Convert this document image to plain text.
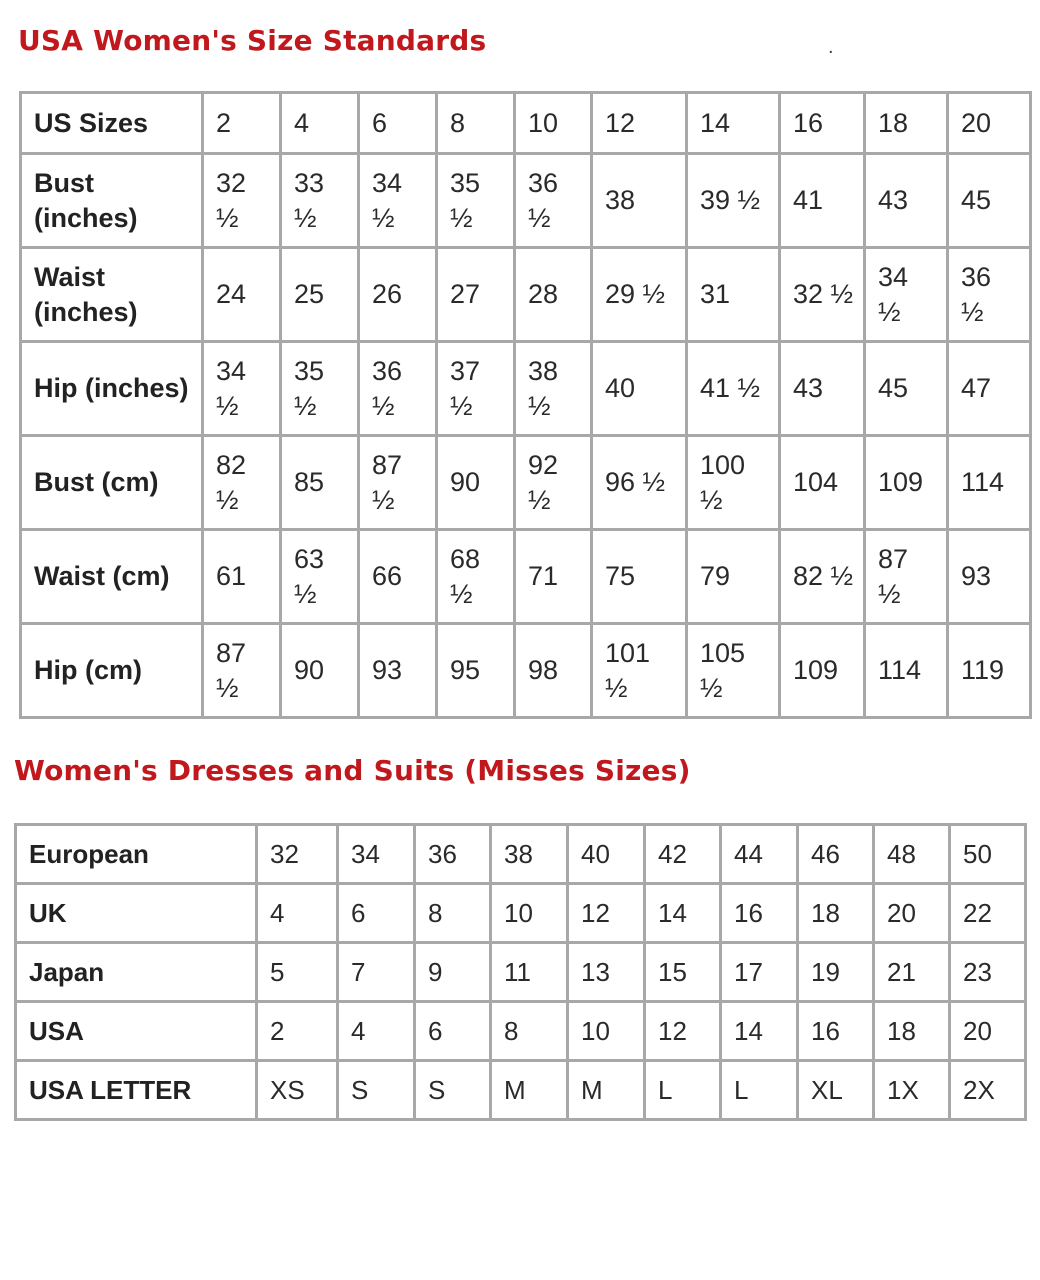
USA Women's Size Standards	.
US Sizes	2	4	6	8	10	12	14	16	18	20
Bust (inches)	32 ½	33 ½	34 ½	35 ½	36 ½	38	39 ½	41	43	45
Waist (inches)	24	25	26	27	28	29 ½	31	32 ½	34 ½	36 ½
Hip (inches)	34 ½	35 ½	36 ½	37 ½	38 ½	40	41 ½	43	45	47
Bust (cm)	82 ½	85	87 ½	90	92 ½	96 ½	100 ½	104	109	114
Waist (cm)	61	63 ½	66	68 ½	71	75	79	82 ½	87 ½	93
Hip (cm)	87 ½	90	93	95	98	101 ½	105 ½	109	114	119
Women's Dresses and Suits (Misses Sizes)
European	32	34	36	38	40	42	44	46	48	50
UK	4	6	8	10	12	14	16	18	20	22
Japan	5	7	9	11	13	15	17	19	21	23
USA	2	4	6	8	10	12	14	16	18	20
USA LETTER	XS	S	S	M	M	L	L	XL	1X	2X
